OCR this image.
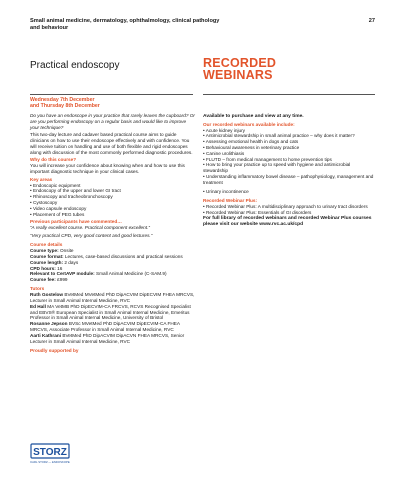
Small animal medicine, dermatology, ophthalmology, clinical pathology and behaviour
27
Practical endoscopy	RECORDED
WEBINARS
Wednesday 7th December
and Thursday 8th December
Do you have an endoscope in your practice that rarely leaves the cupboard? Or are you performing endoscopy on a regular basis and would like to improve your technique?
This two-day lecture and cadaver based practical course aims to guide clinicians on how to use their endoscope effectively and with confidence. You will receive tuition on handling and use of both flexible and rigid endoscopes along with discussion of the most commonly performed diagnostic procedures.
Why do this course?
You will increase your confidence about knowing when and how to use this important diagnostic technique in your clinical cases.
Key areas
• Endoscopic equipment
• Endoscopy of the upper and lower GI tract
• Rhinoscopy and tracheobronchoscopy
• Cystoscopy
• Video capsule endoscopy
• Placement of PEG tubes
Previous participants have commented…
“A really excellent course. Practical component excellent.”
“Very practical CPD, very good content and good lectures.”
Course details
Course type: Onsite
Course format: Lectures, case-based discussions and practical sessions
Course length: 2 days
CPD hours: 16
Relevant to CertAVP module: Small Animal Medicine (C-SAM.9)
Course fee: £999
Tutors
Ruth Gostelow BVetMed MVetMed PhD DipACVIM DipECVIM FHEA MRCVS, Lecturer in Small Animal Internal Medicine, RVC
Ed Hall MA VetMB PhD DipECVIM-CA FRCVS, RCVS Recognised Specialist and EBVS® European Specialist in Small Animal Internal Medicine, Emeritus Professor in Small Animal Internal Medicine, University of Bristol
Rosanne Jepson BVSc MVetMed PhD DipACVIM DipECVIM-CA FHEA MRCVS, Associate Professor in Small Animal Internal Medicine, RVC
Aarti Kathrani BVetMed PhD DipACVIM DipACVN FHEA MRCVS, Senior Lecturer in Small Animal Internal Medicine, RVC
Proudly supported by
STORZ
KARL STORZ — ENDOSKOPE
Available to purchase and view at any time.
Our recorded webinars available include:
• Acute kidney injury
• Antimicrobial stewardship in small animal practice – why does it matter?
• Assessing emotional health in dogs and cats
• Behavioural awareness in veterinary practice
• Canine urolithiasis
• FLUTD – from medical management to home prevention tips
• How to bring your practice up to speed with hygiene and antimicrobial stewardship
• Understanding inflammatory bowel disease – pathophysiology, management and treatment
• Urinary incontinence
Recorded Webinar Plus:
• Recorded Webinar Plus: A multidisciplinary approach to urinary tract disorders
• Recorded Webinar Plus: Essentials of GI disorders
For full library of recorded webinars and recorded Webinar Plus courses please visit our website www.rvc.ac.uk/cpd
